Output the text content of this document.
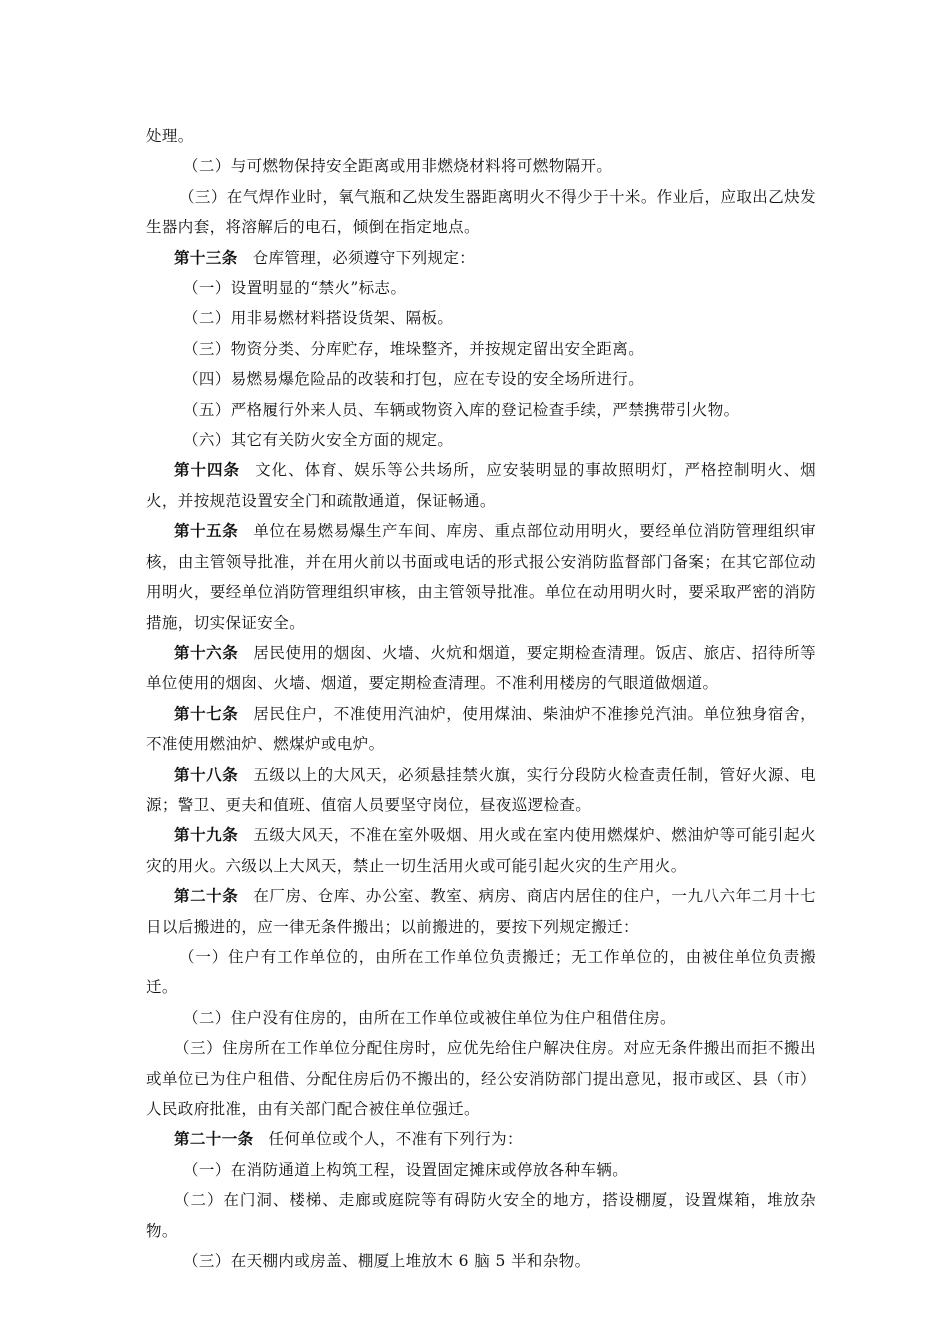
处理。

（二）与可燃物保持安全距离或用非燃烧材料将可燃物隔开。

（三）在气焊作业时，氧气瓶和乙炔发生器距离明火不得少于十米。作业后，应取出乙炔发生器内套，将溶解后的电石，倾倒在指定地点。

第十三条 仓库管理，必须遵守下列规定：

（一）设置明显的“禁火”标志。

（二）用非易燃材料搭设货架、隔板。

（三）物资分类、分库贮存，堆垛整齐，并按规定留出安全距离。

（四）易燃易爆危险品的改装和打包，应在专设的安全场所进行。

（五）严格履行外来人员、车辆或物资入库的登记检查手续，严禁携带引火物。

（六）其它有关防火安全方面的规定。

第十四条 文化、体育、娱乐等公共场所，应安装明显的事故照明灯，严格控制明火、烟火，并按规范设置安全门和疏散通道，保证畅通。

第十五条 单位在易燃易爆生产车间、库房、重点部位动用明火，要经单位消防管理组织审核，由主管领导批准，并在用火前以书面或电话的形式报公安消防监督部门备案；在其它部位动用明火，要经单位消防管理组织审核，由主管领导批准。单位在动用明火时，要采取严密的消防措施，切实保证安全。

第十六条 居民使用的烟囱、火墙、火炕和烟道，要定期检查清理。饭店、旅店、招待所等单位使用的烟囱、火墙、烟道，要定期检查清理。不准利用楼房的气眼道做烟道。

第十七条 居民住户，不准使用汽油炉，使用煤油、柴油炉不准掺兑汽油。单位独身宿舍，不准使用燃油炉、燃煤炉或电炉。

第十八条 五级以上的大风天，必须悬挂禁火旗，实行分段防火检查责任制，管好火源、电源；警卫、更夫和值班、值宿人员要坚守岗位，昼夜巡逻检查。

第十九条 五级大风天，不准在室外吸烟、用火或在室内使用燃煤炉、燃油炉等可能引起火灾的用火。六级以上大风天，禁止一切生活用火或可能引起火灾的生产用火。

第二十条 在厂房、仓库、办公室、教室、病房、商店内居住的住户，一九八六年二月十七日以后搬进的，应一律无条件搬出；以前搬进的，要按下列规定搬迁：

（一）住户有工作单位的，由所在工作单位负责搬迁；无工作单位的，由被住单位负责搬迁。

（二）住户没有住房的，由所在工作单位或被住单位为住户租借住房。

（三）住房所在工作单位分配住房时，应优先给住户解决住房。对应无条件搬出而拒不搬出或单位已为住户租借、分配住房后仍不搬出的，经公安消防部门提出意见，报市或区、县（市）人民政府批准，由有关部门配合被住单位强迁。

第二十一条 任何单位或个人，不准有下列行为：

（一）在消防通道上构筑工程，设置固定摊床或停放各种车辆。

（二）在门洞、楼梯、走廊或庭院等有碍防火安全的地方，搭设棚厦，设置煤箱，堆放杂物。

（三）在天棚内或房盖、棚厦上堆放木 6 脑 5 半和杂物。
